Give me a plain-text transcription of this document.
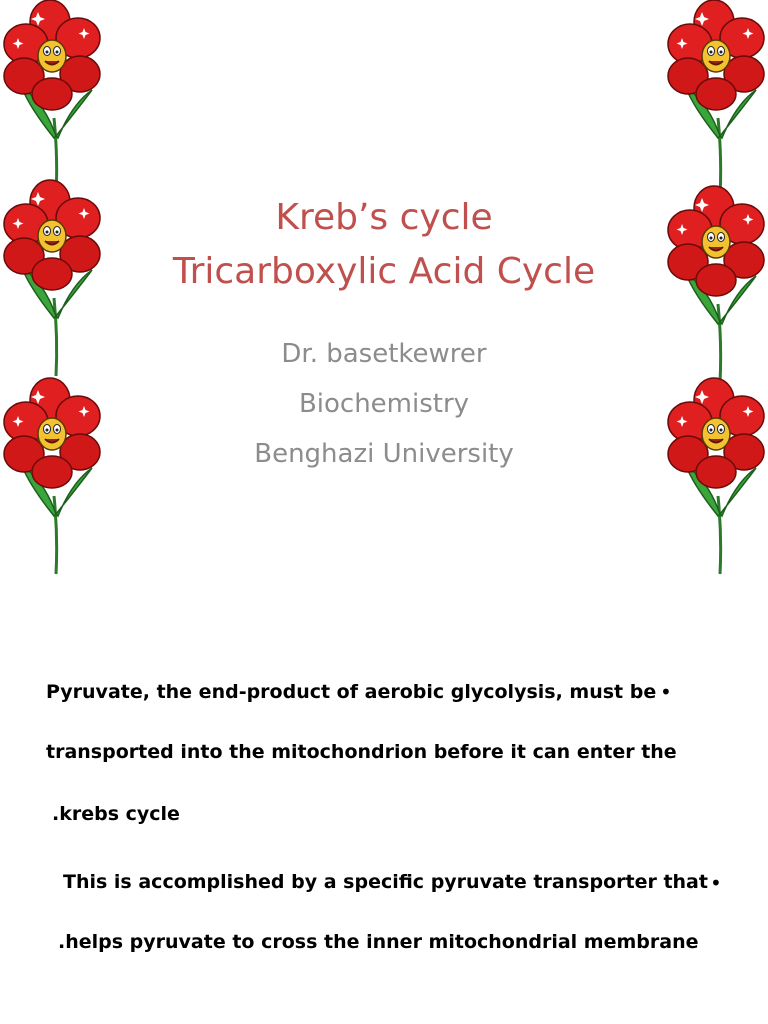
Kreb’s cycle
Tricarboxylic Acid Cycle
Dr. basetkewrer
Biochemistry
Benghazi University
Pyruvate, the end-product of aerobic glycolysis, must be
transported into the mitochondrion before it can enter the
.krebs cycle
•
This is accomplished by a specific pyruvate transporter that
.helps pyruvate to cross the inner mitochondrial membrane
•
